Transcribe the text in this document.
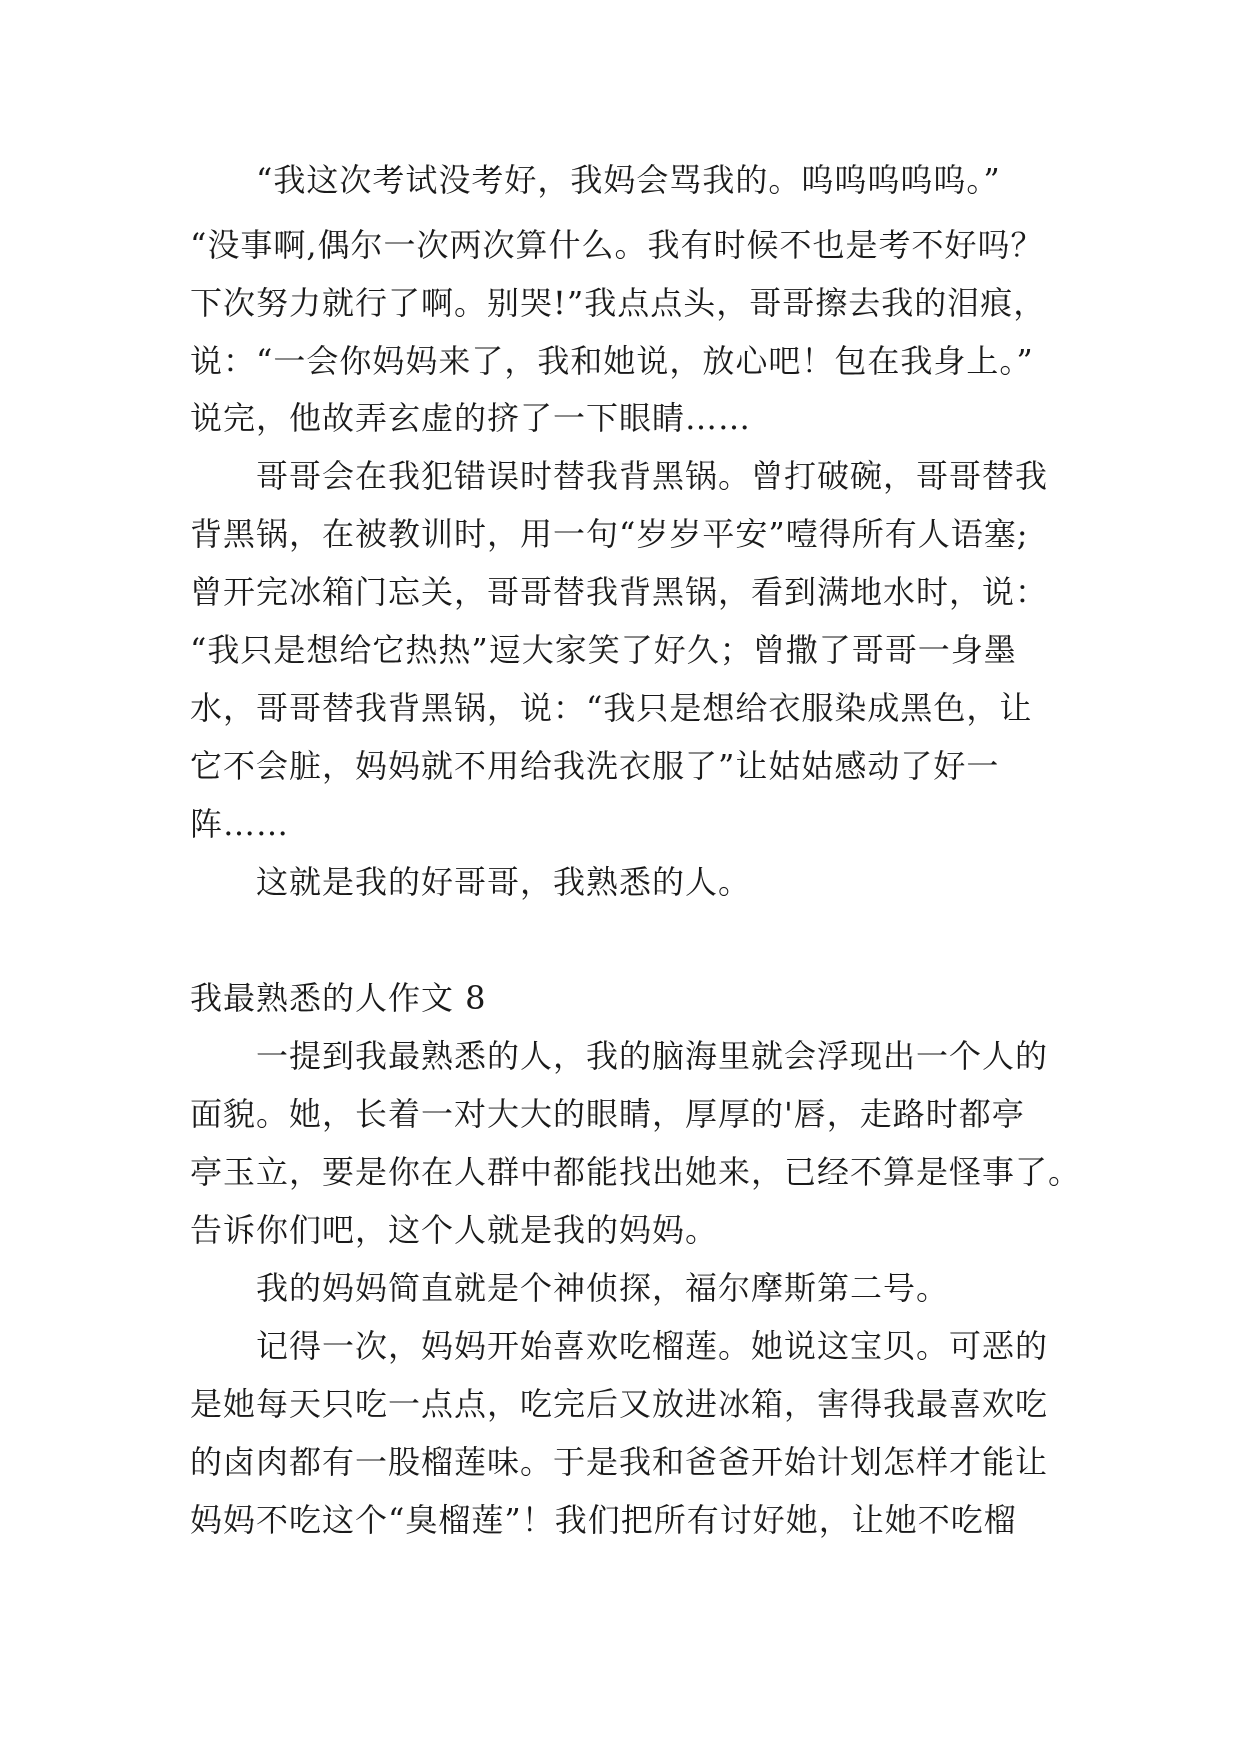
“我这次考试没考好，我妈会骂我的。呜呜呜呜呜。”
“没事啊,偶尔一次两次算什么。我有时候不也是考不好吗？
下次努力就行了啊。别哭!”我点点头，哥哥擦去我的泪痕，
说：“一会你妈妈来了，我和她说，放心吧！包在我身上。”
说完，他故弄玄虚的挤了一下眼睛……
哥哥会在我犯错误时替我背黑锅。曾打破碗，哥哥替我
背黑锅，在被教训时，用一句“岁岁平安”噎得所有人语塞;
曾开完冰箱门忘关，哥哥替我背黑锅，看到满地水时，说：
“我只是想给它热热”逗大家笑了好久；曾撒了哥哥一身墨
水，哥哥替我背黑锅，说：“我只是想给衣服染成黑色，让
它不会脏，妈妈就不用给我洗衣服了”让姑姑感动了好一
阵……
这就是我的好哥哥，我熟悉的人。
我最熟悉的人作文 8
一提到我最熟悉的人，我的脑海里就会浮现出一个人的
面貌。她，长着一对大大的眼睛，厚厚的'唇，走路时都亭
亭玉立，要是你在人群中都能找出她来，已经不算是怪事了。
告诉你们吧，这个人就是我的妈妈。
我的妈妈简直就是个神侦探，福尔摩斯第二号。
记得一次，妈妈开始喜欢吃榴莲。她说这宝贝。可恶的
是她每天只吃一点点，吃完后又放进冰箱，害得我最喜欢吃
的卤肉都有一股榴莲味。于是我和爸爸开始计划怎样才能让
妈妈不吃这个“臭榴莲”！我们把所有讨好她，让她不吃榴
